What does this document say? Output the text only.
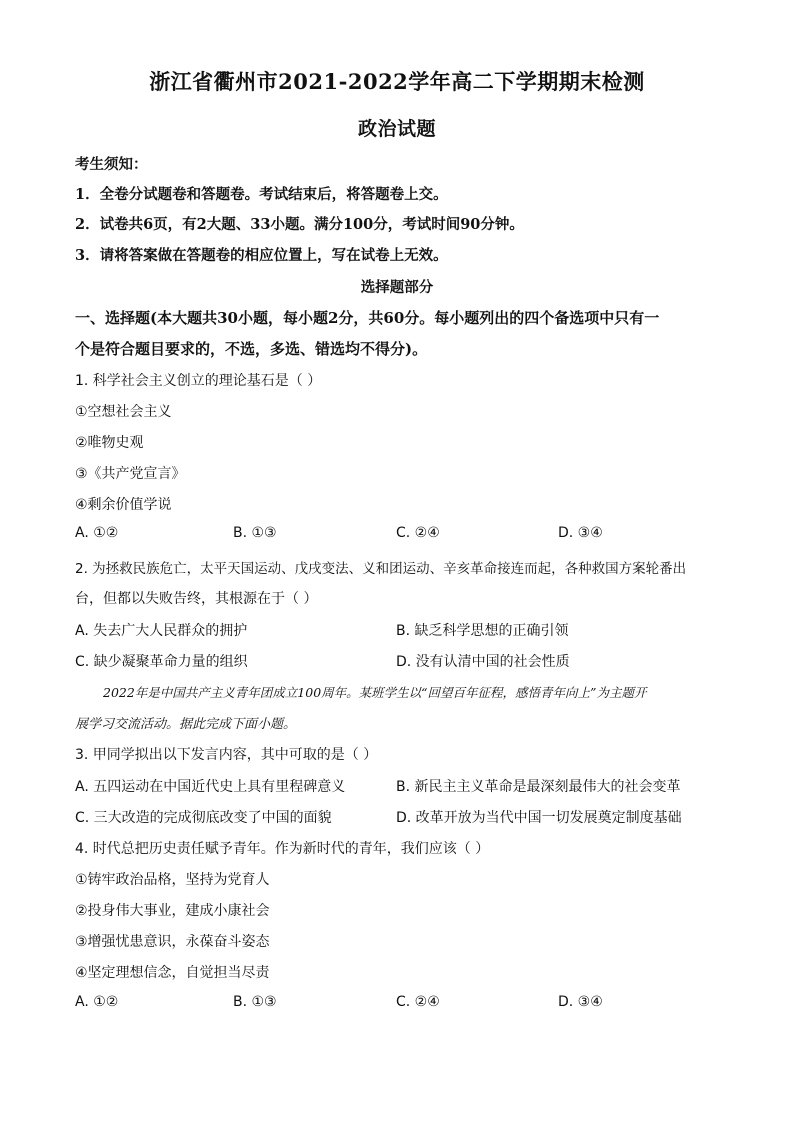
浙江省衢州市2021-2022学年高二下学期期末检测
政治试题
考生须知：
1．全卷分试题卷和答题卷。考试结束后，将答题卷上交。
2．试卷共6页，有2大题、33小题。满分100分，考试时间90分钟。
3．请将答案做在答题卷的相应位置上，写在试卷上无效。
选择题部分
一、选择题(本大题共30小题，每小题2分，共60分。每小题列出的四个备选项中只有一
个是符合题目要求的，不选，多选、错选均不得分)。
1. 科学社会主义创立的理论基石是（ ）
①空想社会主义
②唯物史观
③《共产党宣言》
④剩余价值学说
A. ①②	B. ①③	C. ②④	D. ③④
2. 为拯救民族危亡，太平天国运动、戊戌变法、义和团运动、辛亥革命接连而起，各种救国方案轮番出
台，但都以失败告终，其根源在于（ ）
A. 失去广大人民群众的拥护	B. 缺乏科学思想的正确引领
C. 缺少凝聚革命力量的组织	D. 没有认清中国的社会性质
2022年是中国共产主义青年团成立100周年。某班学生以“回望百年征程，感悟青年向上”为主题开
展学习交流活动。据此完成下面小题。
3. 甲同学拟出以下发言内容，其中可取的是（ ）
A. 五四运动在中国近代史上具有里程碑意义	B. 新民主主义革命是最深刻最伟大的社会变革
C. 三大改造的完成彻底改变了中国的面貌	D. 改革开放为当代中国一切发展奠定制度基础
4. 时代总把历史责任赋予青年。作为新时代的青年，我们应该（ ）
①铸牢政治品格，坚持为党育人
②投身伟大事业，建成小康社会
③增强忧患意识，永葆奋斗姿态
④坚定理想信念，自觉担当尽责
A. ①②	B. ①③	C. ②④	D. ③④
